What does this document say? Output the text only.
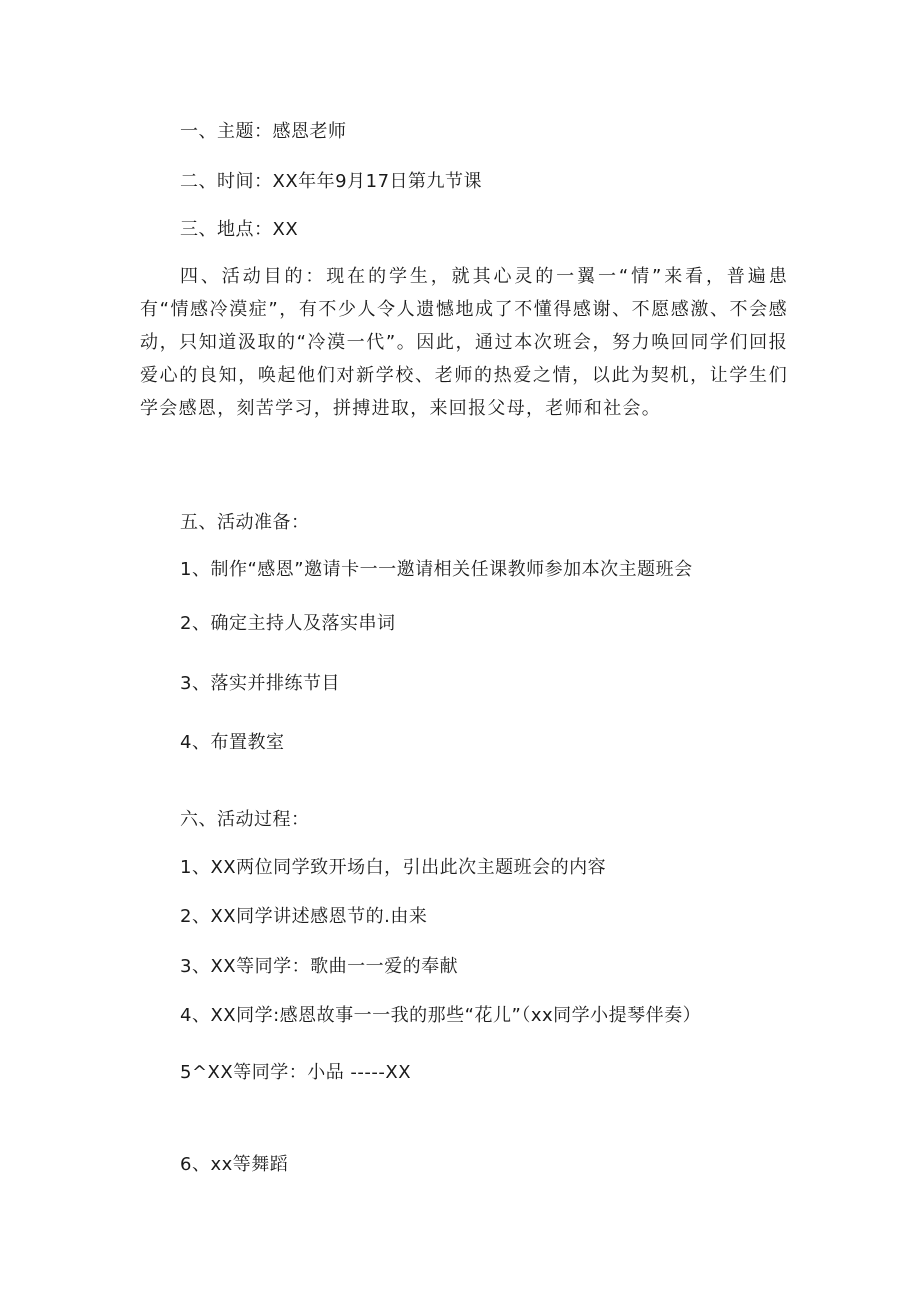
一、主题：感恩老师
二、时间：XX年年9月17日第九节课
三、地点：XX
四、活动目的：现在的学生，就其心灵的一翼一“情”来看，普遍患有“情感冷漠症”，有不少人令人遗憾地成了不懂得感谢、不愿感激、不会感动，只知道汲取的“冷漠一代”。因此，通过本次班会，努力唤回同学们回报爱心的良知，唤起他们对新学校、老师的热爱之情，以此为契机，让学生们学会感恩，刻苦学习，拼搏进取，来回报父母，老师和社会。
五、活动准备：
1、制作“感恩”邀请卡一一邀请相关任课教师参加本次主题班会
2、确定主持人及落实串词
3、落实并排练节目
4、布置教室
六、活动过程：
1、XX两位同学致开场白，引出此次主题班会的内容
2、XX同学讲述感恩节的.由来
3、XX等同学：歌曲一一爱的奉献
4、XX同学:感恩故事一一我的那些“花儿”（xx同学小提琴伴奏）
5^XX等同学：小品 -----XX
6、xx等舞蹈
